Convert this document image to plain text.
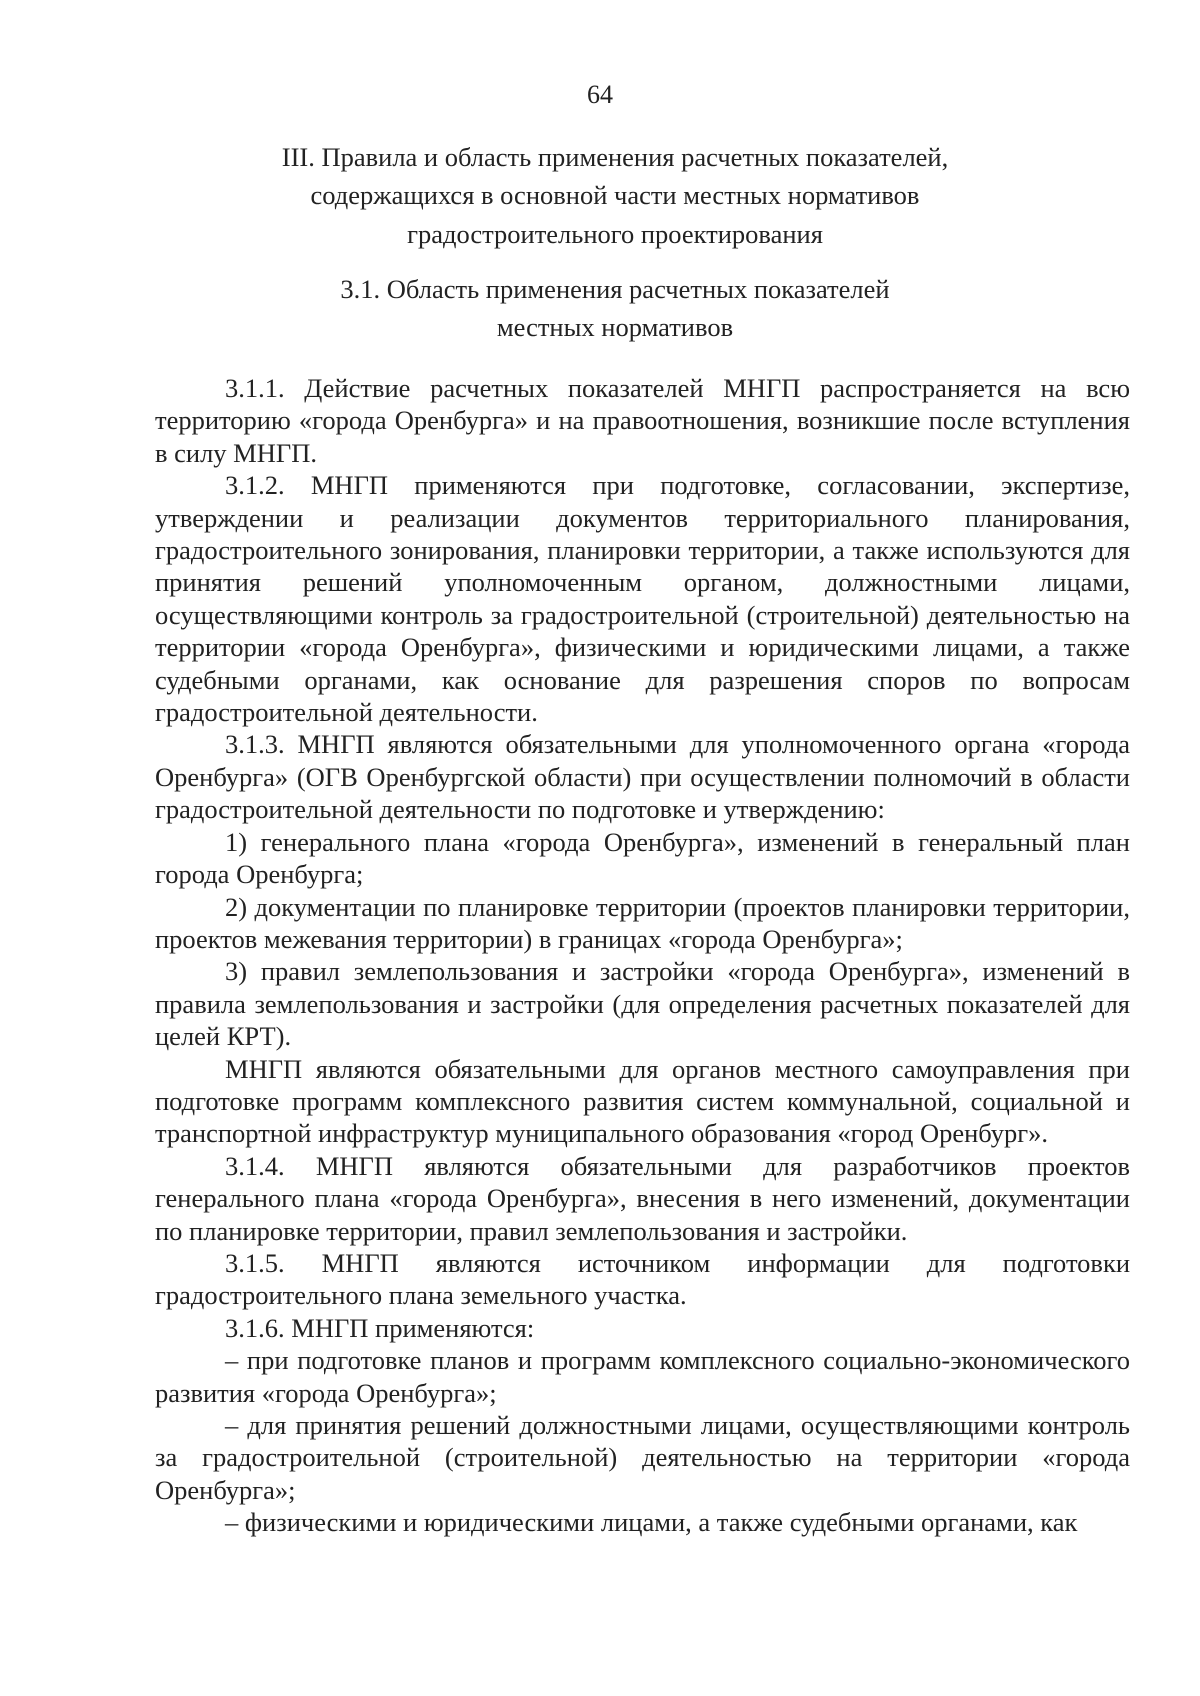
64
III. Правила и область применения расчетных показателей,
содержащихся в основной части местных нормативов
градостроительного проектирования
3.1. Область применения расчетных показателей
местных нормативов

3.1.1. Действие расчетных показателей МНГП распространяется на всю территорию «города Оренбурга» и на правоотношения, возникшие после вступления в силу МНГП.

3.1.2. МНГП применяются при подготовке, согласовании, экспертизе, утверждении и реализации документов территориального планирования, градостроительного зонирования, планировки территории, а также используются для принятия решений уполномоченным органом, должностными лицами, осуществляющими контроль за градостроительной (строительной) деятельностью на территории «города Оренбурга», физическими и юридическими лицами, а также судебными органами, как основание для разрешения споров по вопросам градостроительной деятельности.

3.1.3. МНГП являются обязательными для уполномоченного органа «города Оренбурга» (ОГВ Оренбургской области) при осуществлении полномочий в области градостроительной деятельности по подготовке и утверждению:

1) генерального плана «города Оренбурга», изменений в генеральный план города Оренбурга;

2) документации по планировке территории (проектов планировки территории, проектов межевания территории) в границах «города Оренбурга»;

3) правил землепользования и застройки «города Оренбурга», изменений в правила землепользования и застройки (для определения расчетных показателей для целей КРТ).

МНГП являются обязательными для органов местного самоуправления при подготовке программ комплексного развития систем коммунальной, социальной и транспортной инфраструктур муниципального образования «город Оренбург».

3.1.4. МНГП являются обязательными для разработчиков проектов генерального плана «города Оренбурга», внесения в него изменений, документации по планировке территории, правил землепользования и застройки.

3.1.5. МНГП являются источником информации для подготовки градостроительного плана земельного участка.

3.1.6. МНГП применяются:

– при подготовке планов и программ комплексного социально-экономического развития «города Оренбурга»;

– для принятия решений должностными лицами, осуществляющими контроль за градостроительной (строительной) деятельностью на территории «города Оренбурга»;

– физическими и юридическими лицами, а также судебными органами, как
